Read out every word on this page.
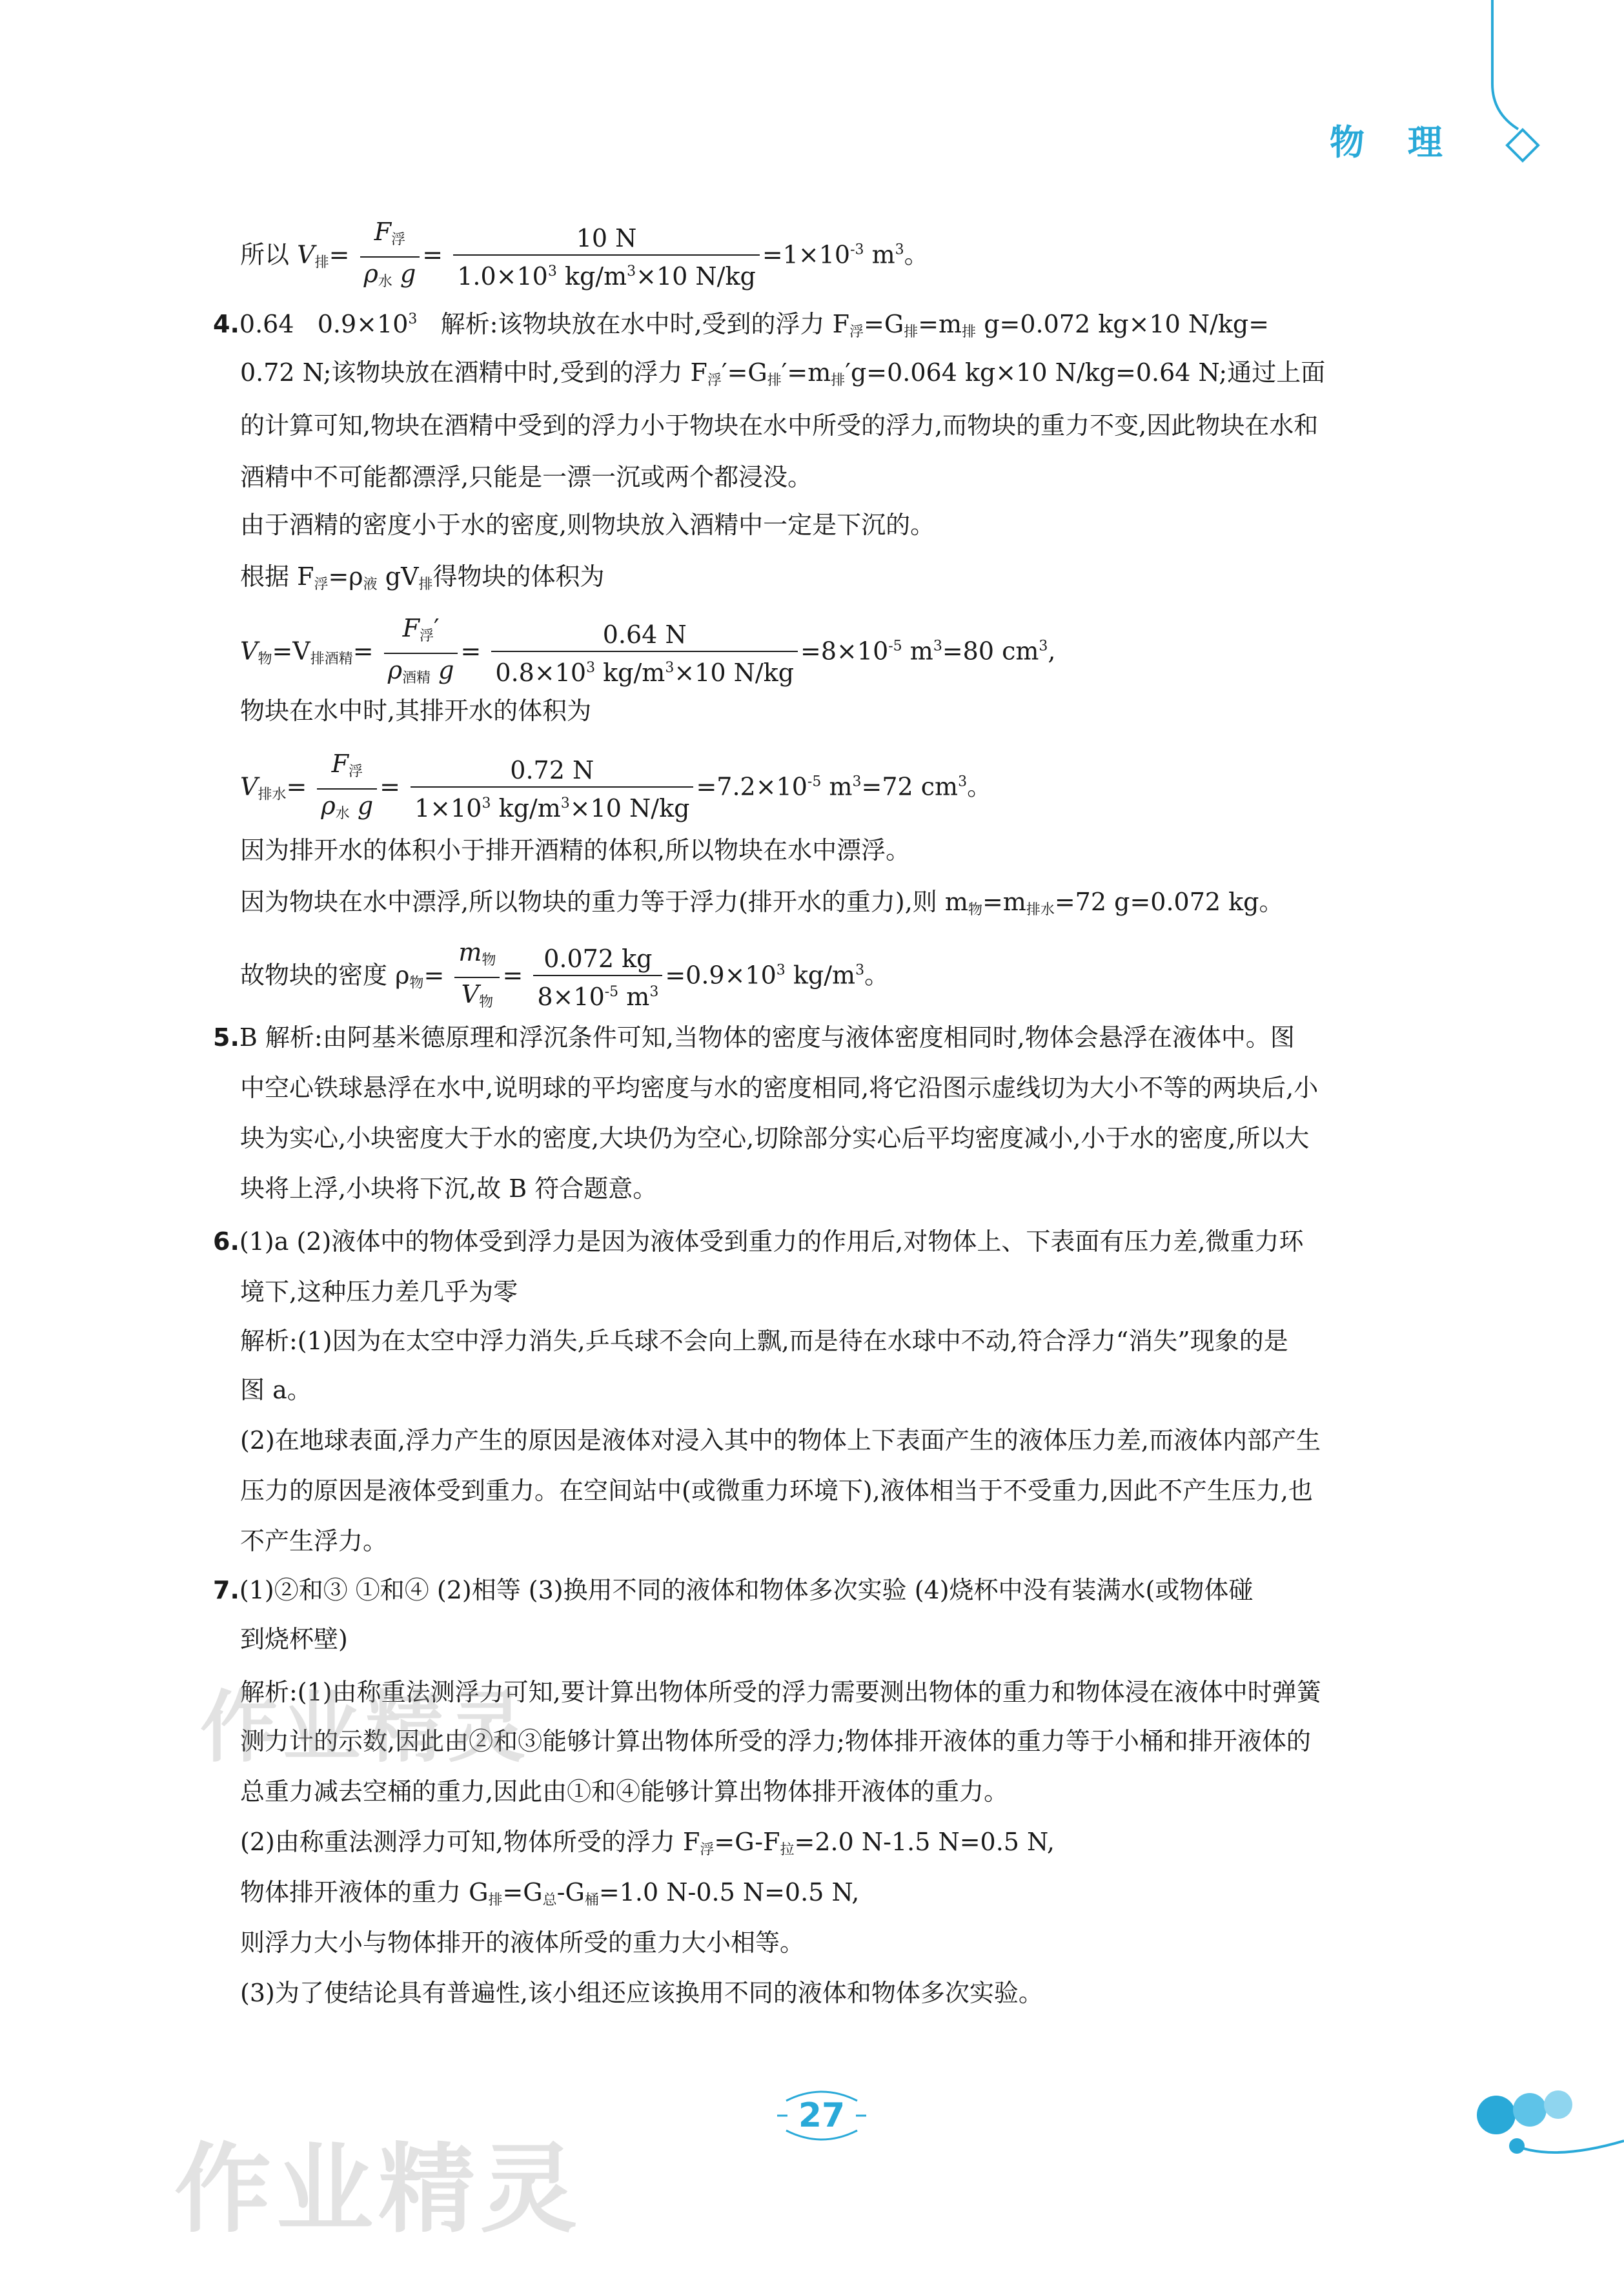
物 理
所以 $V_排= \frac{F_浮}{\rho_水 g} = \frac{10 N}{1.0\times 10^3 kg/m^3\times 10 N/kg} =1\times 10^{-3}$ $m^3$。
4.0.64 $0.9\times 10^3$ 解析:该物块放在水中时,受到的浮力 $F_浮=G_排=m_排$ g=0.072 kg×10 N/kg=
0.72 N;该物块放在酒精中时,受到的浮力 $F_浮'=G_排'=m_排'g=0.064$ kg×10 N/kg=0.64 N;通过上面
的计算可知,物块在酒精中受到的浮力小于物块在水中所受的浮力,而物块的重力不变,因此物块在水和
酒精中不可能都漂浮,只能是一漂一沉或两个都浸没。
由于酒精的密度小于水的密度,则物块放入酒精中一定是下沉的。
根据 $F_浮=\rho_液$ $gV_排$得物块的体积为
$V_物=V_{排酒精}= \frac{F_浮'}{\rho_{酒精} g} = \frac{0.64 N}{0.8\times 10^3 kg/m^3\times 10 N/kg} =8\times 10^{-5}$ $m^3=80$ $cm^3$,
物块在水中时,其排开水的体积为
$V_{排水}= \frac{F_浮}{\rho_水 g} = \frac{0.72 N}{1\times 10^3 kg/m^3\times 10 N/kg} =7.2\times 10^{-5}$ $m^3=72$ $cm^3$。
因为排开水的体积小于排开酒精的体积,所以物块在水中漂浮。
因为物块在水中漂浮,所以物块的重力等于浮力(排开水的重力),则 $m_物=m_{排水}=72$ g=0.072 kg。
故物块的密度 $\rho_物= \frac{m_物}{V_物} = \frac{0.072 kg}{8\times 10^{-5} m^3} =0.9\times 10^3$ $kg/m^3$。
5.B 解析:由阿基米德原理和浮沉条件可知,当物体的密度与液体密度相同时,物体会悬浮在液体中。图
中空心铁球悬浮在水中,说明球的平均密度与水的密度相同,将它沿图示虚线切为大小不等的两块后,小
块为实心,小块密度大于水的密度,大块仍为空心,切除部分实心后平均密度减小,小于水的密度,所以大
块将上浮,小块将下沉,故 B 符合题意。
6.(1)a (2)液体中的物体受到浮力是因为液体受到重力的作用后,对物体上、下表面有压力差,微重力环
境下,这种压力差几乎为零
解析:(1)因为在太空中浮力消失,乒乓球不会向上飘,而是待在水球中不动,符合浮力“消失”现象的是
图 a。
(2)在地球表面,浮力产生的原因是液体对浸入其中的物体上下表面产生的液体压力差,而液体内部产生
压力的原因是液体受到重力。在空间站中(或微重力环境下),液体相当于不受重力,因此不产生压力,也
不产生浮力。
7.(1)②和③ ①和④ (2)相等 (3)换用不同的液体和物体多次实验 (4)烧杯中没有装满水(或物体碰
到烧杯壁)
解析:(1)由称重法测浮力可知,要计算出物体所受的浮力需要测出物体的重力和物体浸在液体中时弹簧
测力计的示数,因此由②和③能够计算出物体所受的浮力;物体排开液体的重力等于小桶和排开液体的
总重力减去空桶的重力,因此由①和④能够计算出物体排开液体的重力。
(2)由称重法测浮力可知,物体所受的浮力 $F_浮=G-F_拉=2.0$ N-1.5 N=0.5 N,
物体排开液体的重力 $G_排=G_总-G_桶=1.0$ N-0.5 N=0.5 N,
则浮力大小与物体排开的液体所受的重力大小相等。
(3)为了使结论具有普遍性,该小组还应该换用不同的液体和物体多次实验。
作业精灵
作业精灵
27
